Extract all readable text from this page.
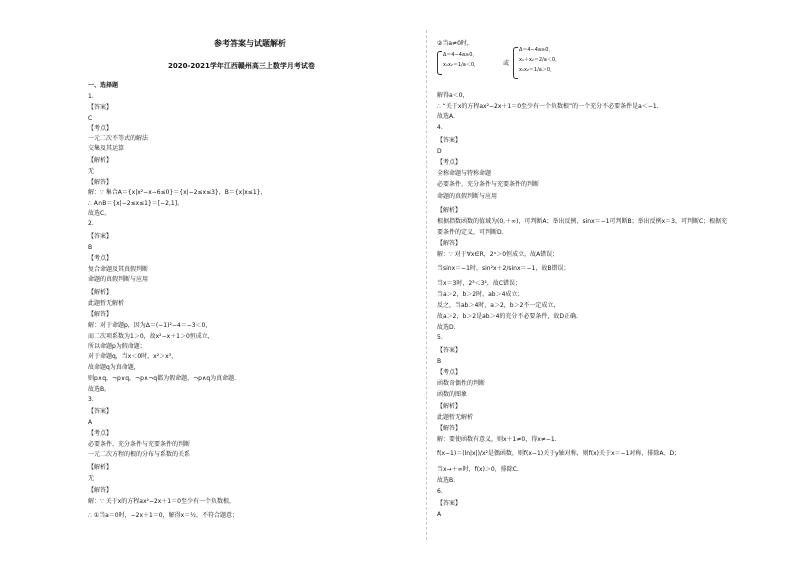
参考答案与试题解析
2020-2021学年江西赣州高三上数学月考试卷
一、选择题
1.
【答案】
C
【考点】
一元二次不等式的解法
交集及其运算
【解析】
无
【解答】
解：∵ 集合A＝{x|x²−x−6≤0}＝{x|−2≤x≤3}，B＝{x|x≤1}，
∴ A∩B＝{x|−2≤x≤1}＝[−2,1]。
故选C。
2.
【答案】
B
【考点】
复合命题及其真假判断
命题的真假判断与应用
【解析】
此题暂无解析
【解答】
解：对于命题p，因为Δ＝(−1)²−4＝−3＜0，
而二次项系数为1＞0，故x²−x＋1＞0恒成立，
所以命题p为假命题；
对于命题q，当x＜0时，x²＞x³，
故命题q为真命题，
则p∧q，¬p∨q，¬p∧¬q都为假命题，¬p∧q为真命题.
故选B。
3.
【答案】
A
【考点】
必要条件、充分条件与充要条件的判断
一元二次方程的根的分布与系数的关系
【解析】
无
【解答】
解：∵ 关于x的方程ax²−2x＋1＝0至少有一个负数根，
∴ ①当a＝0时，−2x＋1＝0，解得x＝½，不符合题意；
②当a≠0时，
Δ＝4−4a≥0，
x₁x₂＝1/a＜0，	或
Δ＝4−4a≥0，
x₁＋x₂＝2/a＜0，
x₁x₂＝1/a＞0，
解得a＜0，
∴ “关于x的方程ax²−2x＋1＝0至少有一个负数根”的一个充分不必要条件是a＜−1.
故选A.
4.
【答案】
D
【考点】
全称命题与特称命题
必要条件、充分条件与充要条件的判断
命题的真假判断与应用
【解析】
根据指数函数的值域为(0,＋∞)，可判断A；举出反例，sinx＝−1可判断B；举出反例x＝3，可判断C；根据充
要条件的定义，可判断D.
【解答】
解：∵ 对于∀x∈R，2ˣ＞0恒成立，故A错误；
当sinx＝−1时，sin²x＋2/sinx＝−1，故B错误；
当x＝3时，2³＜3²，故C错误；
当a＞2，b＞2时，ab＞4成立；
反之，当ab＞4时，a＞2，b＞2不一定成立，
故a＞2，b＞2是ab＞4的充分不必要条件，故D正确.
故选D.
5.
【答案】
B
【考点】
函数奇偶性的判断
函数的图象
【解析】
此题暂无解析
【解答】
解：要使函数有意义，则x＋1≠0，得x≠−1.
f(x−1)＝(ln|x|)/x²是偶函数，则f(x−1)关于y轴对称，则f(x)关于x＝−1对称，排除A、D；
当x→＋∞时，f(x)＞0，排除C.
故选B.
6.
【答案】
A
